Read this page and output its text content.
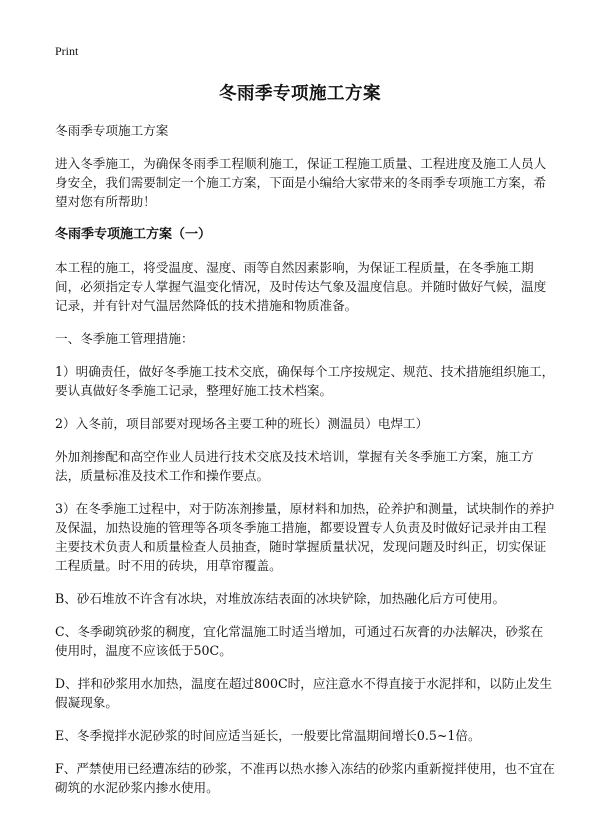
Print
冬雨季专项施工方案

冬雨季专项施工方案

进入冬季施工，为确保冬雨季工程顺利施工，保证工程施工质量、工程进度及施工人员人身安全，我们需要制定一个施工方案，下面是小编给大家带来的冬雨季专项施工方案，希望对您有所帮助！

冬雨季专项施工方案（一）

本工程的施工，将受温度、湿度、雨等自然因素影响，为保证工程质量，在冬季施工期间，必须指定专人掌握气温变化情况，及时传达气象及温度信息。并随时做好气候，温度记录，并有针对气温居然降低的技术措施和物质准备。

一、冬季施工管理措施：

1）明确责任，做好冬季施工技术交底，确保每个工序按规定、规范、技术措施组织施工，要认真做好冬季施工记录，整理好施工技术档案。

2）入冬前，项目部要对现场各主要工种的班长）测温员）电焊工）

外加剂掺配和高空作业人员进行技术交底及技术培训，掌握有关冬季施工方案，施工方法，质量标准及技术工作和操作要点。

3）在冬季施工过程中，对于防冻剂掺量，原材料和加热，砼养护和测量，试块制作的养护及保温，加热设施的管理等各项冬季施工措施，都要设置专人负责及时做好记录并由工程主要技术负责人和质量检查人员抽查，随时掌握质量状况，发现问题及时纠正，切实保证工程质量。时不用的砖块，用草帘覆盖。

B、砂石堆放不许含有冰块，对堆放冻结表面的冰块铲除，加热融化后方可使用。

C、冬季砌筑砂浆的稠度，宜化常温施工时适当增加，可通过石灰膏的办法解决，砂浆在使用时，温度不应该低于50C。

D、拌和砂浆用水加热，温度在超过800C时，应注意水不得直接于水泥拌和，以防止发生假凝现象。

E、冬季搅拌水泥砂浆的时间应适当延长，一般要比常温期间增长0.5~1倍。

F、严禁使用已经遭冻结的砂浆，不准再以热水掺入冻结的砂浆内重新搅拌使用，也不宜在砌筑的水泥砂浆内掺水使用。
